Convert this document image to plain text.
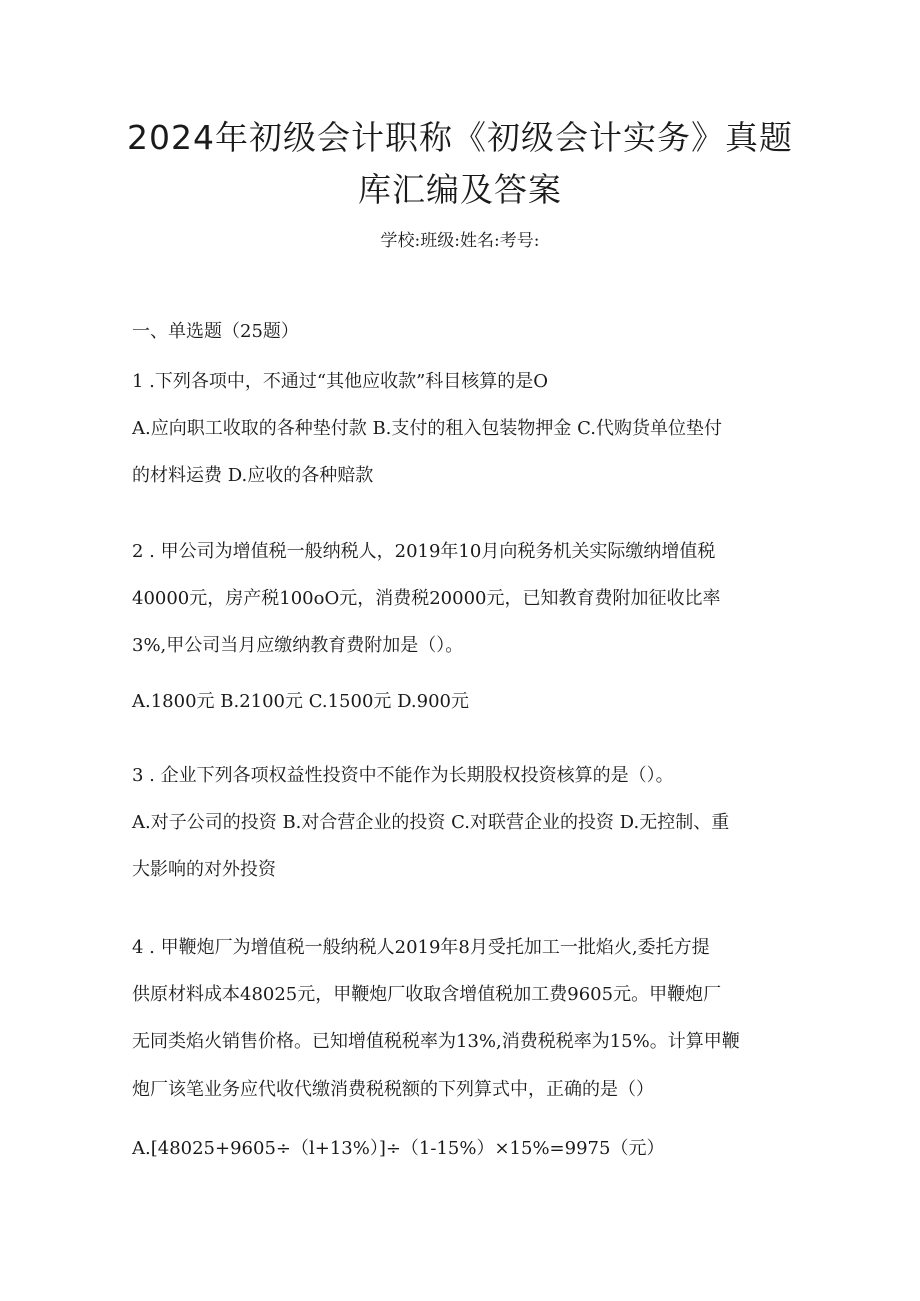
2024年初级会计职称《初级会计实务》真题
库汇编及答案
学校:班级:姓名:考号:
一、单选题（25题）
1 .下列各项中，不通过“其他应收款”科目核算的是O
A.应向职工收取的各种垫付款 B.支付的租入包装物押金 C.代购货单位垫付
的材料运费 D.应收的各种赔款
2 . 甲公司为增值税一般纳税人，2019年10月向税务机关实际缴纳增值税
40000元，房产税100oO元，消费税20000元，已知教育费附加征收比率
3%,甲公司当月应缴纳教育费附加是（）。
A.1800元 B.2100元 C.1500元 D.900元
3 . 企业下列各项权益性投资中不能作为长期股权投资核算的是（）。
A.对子公司的投资 B.对合营企业的投资 C.对联营企业的投资 D.无控制、重
大影响的对外投资
4 . 甲鞭炮厂为增值税一般纳税人2019年8月受托加工一批焰火,委托方提
供原材料成本48025元，甲鞭炮厂收取含增值税加工费9605元。甲鞭炮厂
无同类焰火销售价格。已知增值税税率为13%,消费税税率为15%。计算甲鞭
炮厂该笔业务应代收代缴消费税税额的下列算式中，正确的是（）
A.[48025+9605÷（l+13%）]÷（1-15%）×15%=9975（元）
